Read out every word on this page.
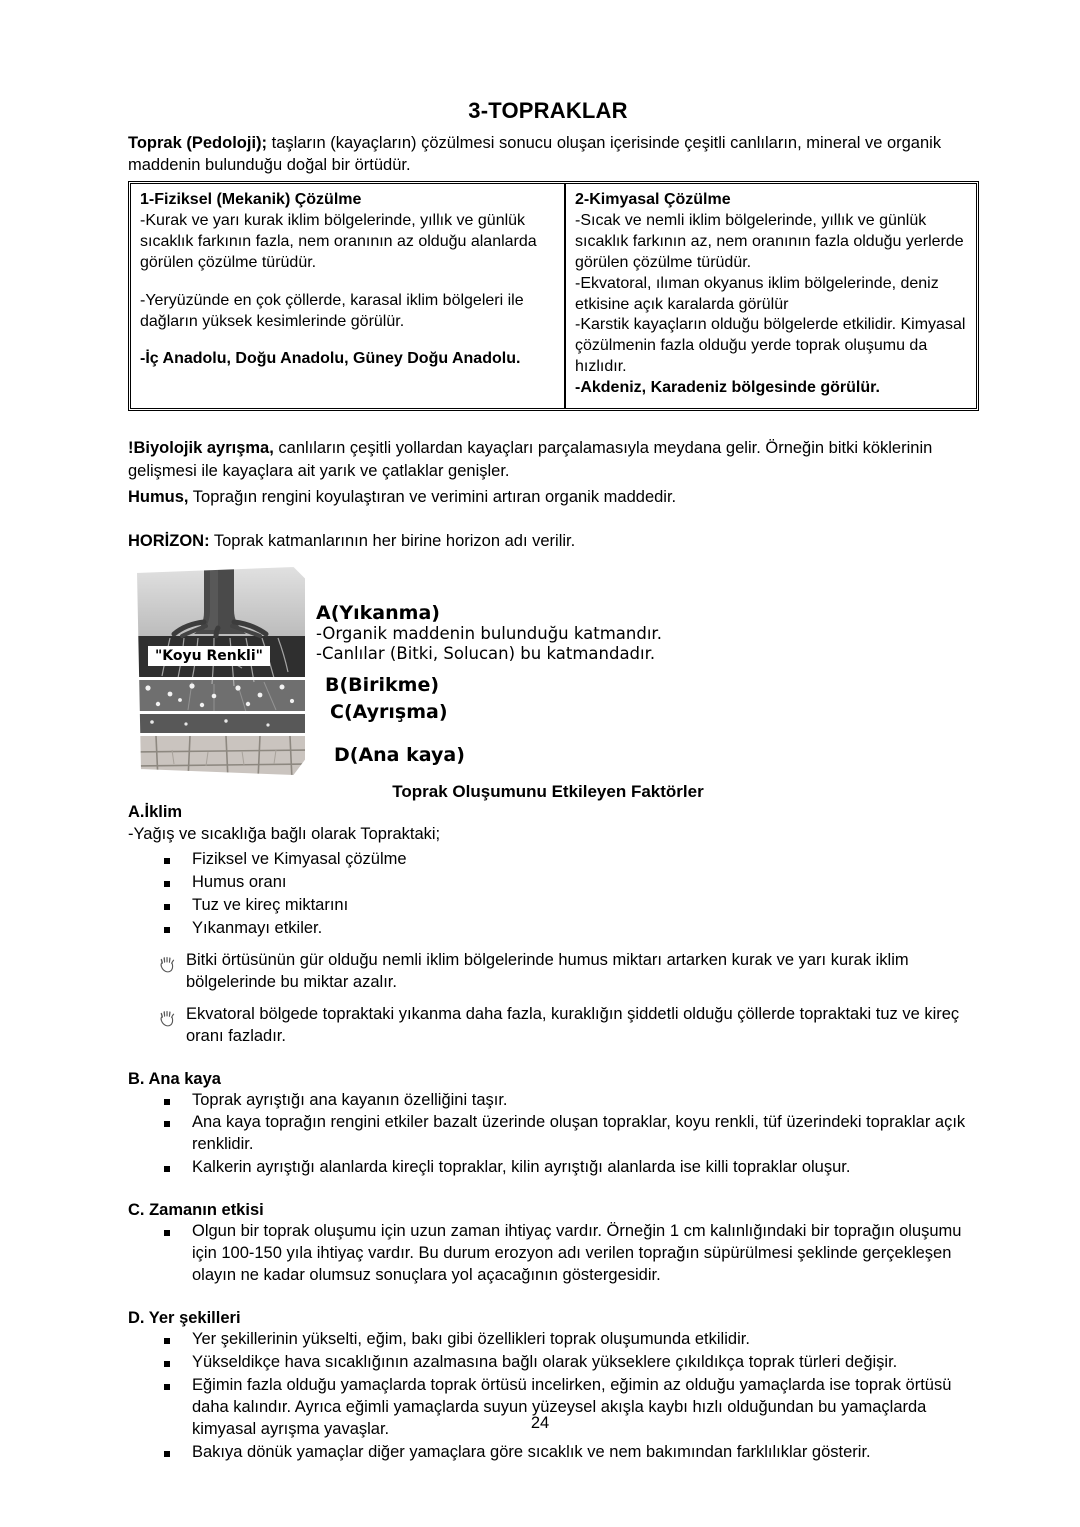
3-TOPRAKLAR

Toprak (Pedoloji); taşların (kayaçların) çözülmesi sonucu oluşan içerisinde çeşitli canlıların, mineral ve organik maddenin bulunduğu doğal bir örtüdür.

1-Fiziksel (Mekanik) Çözülme
-Kurak ve yarı kurak iklim bölgelerinde, yıllık ve günlük sıcaklık farkının fazla, nem oranının az olduğu alanlarda görülen çözülme türüdür.
-Yeryüzünde en çok çöllerde, karasal iklim bölgeleri ile dağların yüksek kesimlerinde görülür.
-İç Anadolu, Doğu Anadolu, Güney Doğu Anadolu.

2-Kimyasal Çözülme
-Sıcak ve nemli iklim bölgelerinde, yıllık ve günlük sıcaklık farkının az, nem oranının fazla olduğu yerlerde görülen çözülme türüdür.
-Ekvatoral, ılıman okyanus iklim bölgelerinde, deniz etkisine açık karalarda görülür
-Karstik kayaçların olduğu bölgelerde etkilidir. Kimyasal çözülmenin fazla olduğu yerde toprak oluşumu da hızlıdır.
-Akdeniz, Karadeniz bölgesinde görülür.

!Biyolojik ayrışma, canlıların çeşitli yollardan kayaçları parçalamasıyla meydana gelir. Örneğin bitki köklerinin gelişmesi ile kayaçlara ait yarık ve çatlaklar genişler.

Humus, Toprağın rengini koyulaştıran ve verimini artıran organik maddedir.

HORİZON: Toprak katmanlarının her birine horizon adı verilir.

"Koyu Renkli"
A(Yıkanma)
-Organik maddenin bulunduğu katmandır.
-Canlılar (Bitki, Solucan) bu katmandadır.
B(Birikme)
C(Ayrışma)
D(Ana kaya)
Toprak Oluşumunu Etkileyen Faktörler
A.İklim

-Yağış ve sıcaklığa bağlı olarak Topraktaki;

Fiziksel ve Kimyasal çözülme
Humus oranı
Tuz ve kireç miktarını
Yıkanmayı etkiler.
Bitki örtüsünün gür olduğu nemli iklim bölgelerinde humus miktarı artarken kurak ve yarı kurak iklim bölgelerinde bu miktar azalır.
Ekvatoral bölgede topraktaki yıkanma daha fazla, kuraklığın şiddetli olduğu çöllerde topraktaki tuz ve kireç oranı fazladır.
B. Ana kaya
Toprak ayrıştığı ana kayanın özelliğini taşır.
Ana kaya toprağın rengini etkiler bazalt üzerinde oluşan topraklar, koyu renkli, tüf üzerindeki topraklar açık renklidir.
Kalkerin ayrıştığı alanlarda kireçli topraklar, kilin ayrıştığı alanlarda ise killi topraklar oluşur.
C. Zamanın etkisi
Olgun bir toprak oluşumu için uzun zaman ihtiyaç vardır. Örneğin 1 cm kalınlığındaki bir toprağın oluşumu için 100-150 yıla ihtiyaç vardır. Bu durum erozyon adı verilen toprağın süpürülmesi şeklinde gerçekleşen olayın ne kadar olumsuz sonuçlara yol açacağının göstergesidir.
D. Yer şekilleri
Yer şekillerinin yükselti, eğim, bakı gibi özellikleri toprak oluşumunda etkilidir.
Yükseldikçe hava sıcaklığının azalmasına bağlı olarak yükseklere çıkıldıkça toprak türleri değişir.
Eğimin fazla olduğu yamaçlarda toprak örtüsü incelirken, eğimin az olduğu yamaçlarda ise toprak örtüsü daha kalındır. Ayrıca eğimli yamaçlarda suyun yüzeysel akışla kaybı hızlı olduğundan bu yamaçlarda kimyasal ayrışma yavaşlar.
Bakıya dönük yamaçlar diğer yamaçlara göre sıcaklık ve nem bakımından farklılıklar gösterir.
24
